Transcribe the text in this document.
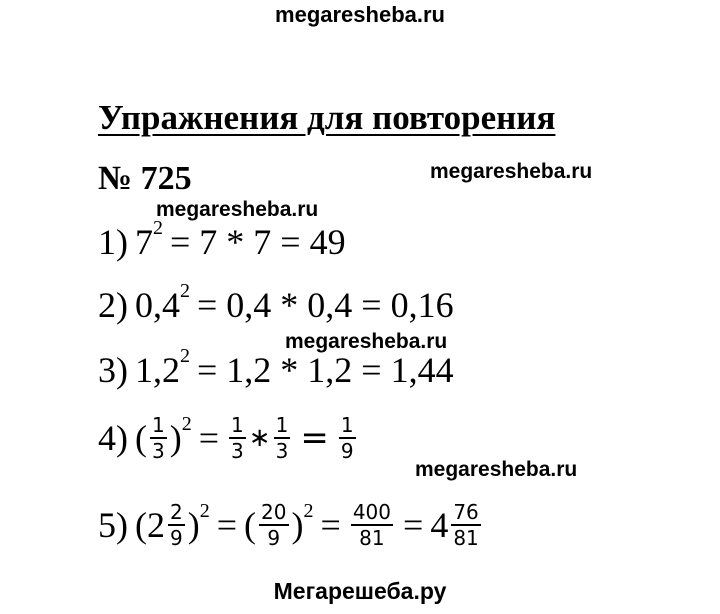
megaresheba.ru
Упражнения для повторения
megaresheba.ru
№ 725
megaresheba.ru
1) $7^2 = 7 * 7 = 49$
2) $0,4^2 = 0,4 * 0,4 = 0,16$
megaresheba.ru
3) $1,2^2 = 1,2 * 1,2 = 1,44$
4) ( $\frac{1}{3} )^2 = \frac{1}{3}$ ∗ $\frac{1}{3} = \frac{1}{9}$
megaresheba.ru
5) ( $2 \frac{2}{9} )^2$ = ( $\frac{20}{9} )^2 = \frac{400}{81} = 4 \frac{76}{81}$
Мегарешеба.ру
